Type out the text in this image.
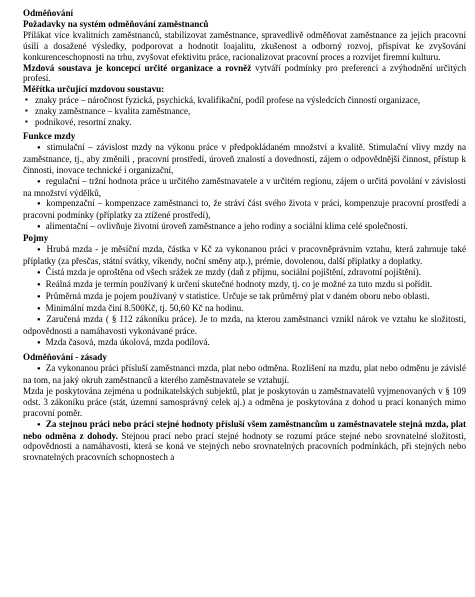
Odměňování

Požadavky na systém odměňování zaměstnanců

Přilákat více kvalitních zaměstnanců, stabilizovat zaměstnance, spravedlivě odměňovat zaměstnance za jejich pracovní úsilí a dosažené výsledky, podporovat a hodnotit loajalitu, zkušenost a odborný rozvoj, přispívat ke zvyšování konkurenceschopnosti na trhu, zvyšovat efektivitu práce, racionalizovat pracovní proces a rozvíjet firemní kulturu.

Mzdová soustava je koncepcí určité organizace a rovněž vytváří podmínky pro preferenci a zvýhodnění určitých profesí.

Měřítka určující mzdovou soustavu:

▪ znaky práce – náročnost fyzická, psychická, kvalifikační, podíl profese na výsledcích činností organizace,
▪ znaky zaměstnance – kvalita zaměstnance,
▪ podnikové, resortní znaky.

Funkce mzdy

● stimulační – závislost mzdy na výkonu práce v předpokládaném množství a kvalitě. Stimulační vlivy mzdy na zaměstnance, tj., aby změnili , pracovní prostředí, úroveň znalostí a dovedností, zájem o odpovědnější činnost, přístup k činnosti, inovace technické i organizační,
● regulační – tržní hodnota práce u určitého zaměstnavatele a v určitém regionu, zájem o určitá povolání v závislosti na množství výdělků,
● kompenzační – kompenzace zaměstnanci to, že stráví část svého života v práci, kompenzuje pracovní prostředí a pracovní podmínky (příplatky za ztížené prostředí),
● alimentační – ovlivňuje životní úroveň zaměstnance a jeho rodiny a sociální klima celé společnosti.

Pojmy

● Hrubá mzda - je měsíční mzda, částka v Kč za vykonanou práci v pracovněprávním vztahu, která zahrnuje také příplatky (za přesčas, státní svátky, víkendy, noční směny atp.), prémie, dovolenou, další příplatky a doplatky.
● Čistá mzda je oproštěna od všech srážek ze mzdy (daň z příjmu, sociální pojištění, zdravotní pojištění).
● Reálná mzda je termín používaný k určení skutečné hodnoty mzdy, tj. co je možné za tuto mzdu si pořídit.
● Průměrná mzda je pojem používaný v statistice. Určuje se tak průměrný plat v daném oboru nebo oblasti.
● Minimální mzda činí 8.500Kč, tj. 50,60 Kč na hodinu.
● Zaručená mzda ( § 112 zákoníku práce). Je to mzda, na kterou zaměstnanci vznikl nárok ve vztahu ke složitosti, odpovědnosti a namáhavosti vykonávané práce.
● Mzda časová, mzda úkolová, mzda podílová.

Odměňování - zásady

● Za vykonanou práci přísluší zaměstnanci mzda, plat nebo odměna. Rozlišení na mzdu, plat nebo odměnu je závislé na tom, na jaký okruh zaměstnanců a kterého zaměstnavatele se vztahují.

Mzda je poskytována zejména u podnikatelských subjektů, plat je poskytován u zaměstnavatelů vyjmenovaných v § 109 odst. 3 zákoníku práce (stát, územní samosprávný celek aj.) a odměna je poskytována z dohod u prací konaných mimo pracovní poměr.

● Za stejnou práci nebo práci stejné hodnoty přísluší všem zaměstnancům u zaměstnavatele stejná mzda, plat nebo odměna z dohody. Stejnou prací nebo prací stejné hodnoty se rozumí práce stejné nebo srovnatelné složitosti, odpovědnosti a namáhavosti, která se koná ve stejných nebo srovnatelných pracovních podmínkách, při stejných nebo srovnatelných pracovních schopnostech a
